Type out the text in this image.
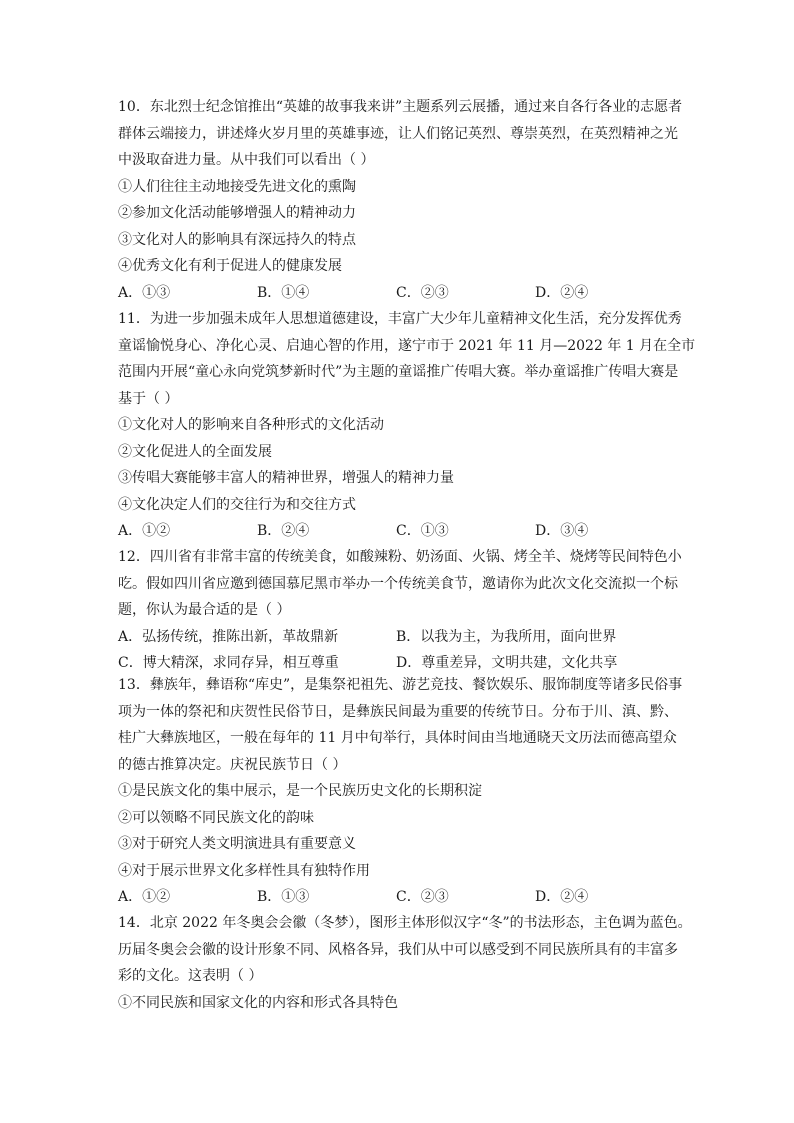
10．东北烈士纪念馆推出“英雄的故事我来讲”主题系列云展播，通过来自各行各业的志愿者
群体云端接力，讲述烽火岁月里的英雄事迹，让人们铭记英烈、尊崇英烈，在英烈精神之光
中汲取奋进力量。从中我们可以看出（ ）
①人们往往主动地接受先进文化的熏陶
②参加文化活动能够增强人的精神动力
③文化对人的影响具有深远持久的特点
④优秀文化有利于促进人的健康发展
A．①③	B．①④	C．②③	D．②④
11．为进一步加强未成年人思想道德建设，丰富广大少年儿童精神文化生活，充分发挥优秀
童谣愉悦身心、净化心灵、启迪心智的作用，遂宁市于 2021 年 11 月—2022 年 1 月在全市
范围内开展“童心永向党筑梦新时代”为主题的童谣推广传唱大赛。举办童谣推广传唱大赛是
基于（ ）
①文化对人的影响来自各种形式的文化活动
②文化促进人的全面发展
③传唱大赛能够丰富人的精神世界，增强人的精神力量
④文化决定人们的交往行为和交往方式
A．①②	B．②④	C．①③	D．③④
12．四川省有非常丰富的传统美食，如酸辣粉、奶汤面、火锅、烤全羊、烧烤等民间特色小
吃。假如四川省应邀到德国慕尼黑市举办一个传统美食节，邀请你为此次文化交流拟一个标
题，你认为最合适的是（ ）
A．弘扬传统，推陈出新，革故鼎新	B．以我为主，为我所用，面向世界
C．博大精深，求同存异，相互尊重	D．尊重差异，文明共建，文化共享
13．彝族年，彝语称“库史”，是集祭祀祖先、游艺竞技、餐饮娱乐、服饰制度等诸多民俗事
项为一体的祭祀和庆贺性民俗节日，是彝族民间最为重要的传统节日。分布于川、滇、黔、
桂广大彝族地区，一般在每年的 11 月中旬举行，具体时间由当地通晓天文历法而德高望众
的德古推算决定。庆祝民族节日（ ）
①是民族文化的集中展示，是一个民族历史文化的长期积淀
②可以领略不同民族文化的韵味
③对于研究人类文明演进具有重要意义
④对于展示世界文化多样性具有独特作用
A．①②	B．①③	C．②③	D．②④
14．北京 2022 年冬奥会会徽（冬梦），图形主体形似汉字“冬”的书法形态，主色调为蓝色。
历届冬奥会会徽的设计形象不同、风格各异，我们从中可以感受到不同民族所具有的丰富多
彩的文化。这表明（ ）
①不同民族和国家文化的内容和形式各具特色
